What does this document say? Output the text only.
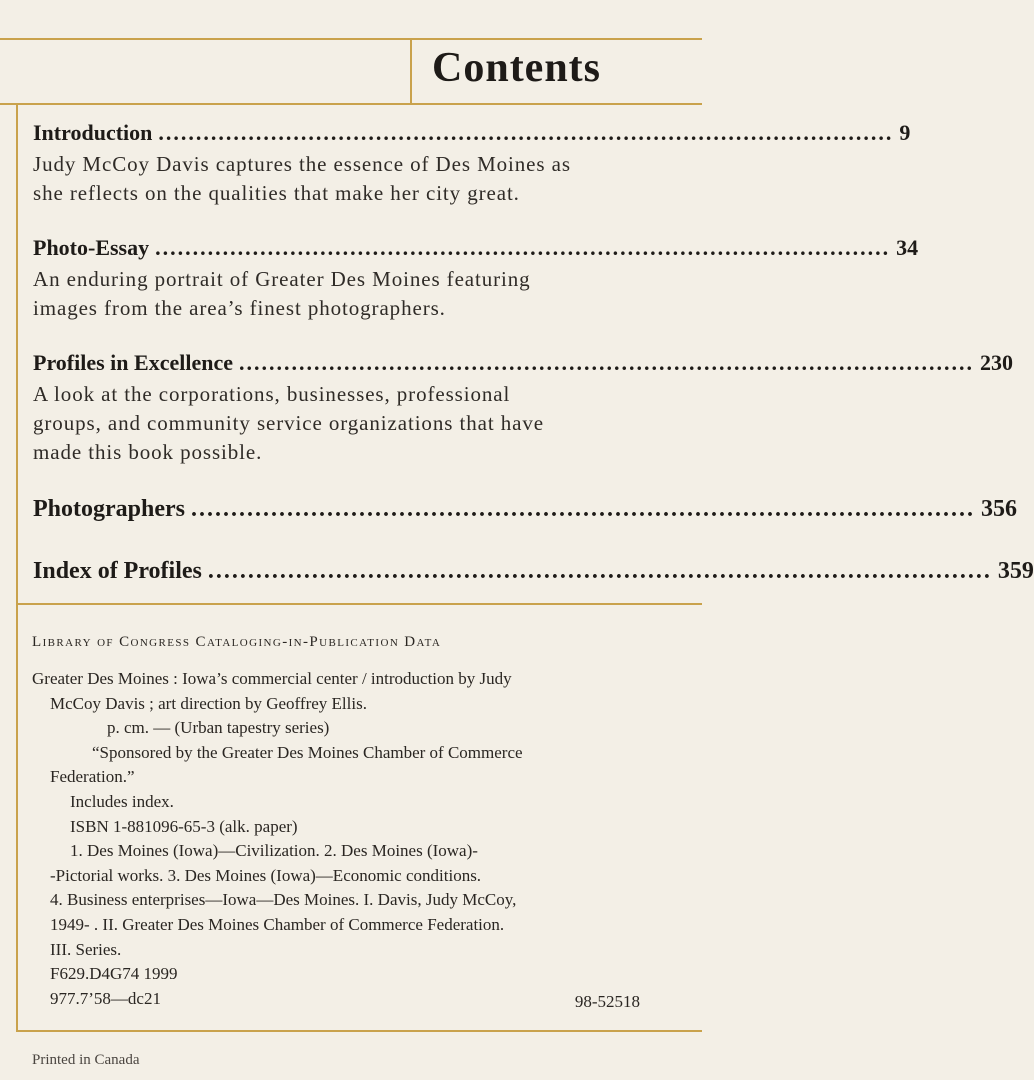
Contents
Introduction .................................................................................................. 9
Judy McCoy Davis captures the essence of Des Moines as
she reflects on the qualities that make her city great.
Photo-Essay .................................................................................................. 34
An enduring portrait of Greater Des Moines featuring
images from the area’s finest photographers.
Profiles in Excellence .................................................................................................. 230
A look at the corporations, businesses, professional
groups, and community service organizations that have
made this book possible.
Photographers .................................................................................................. 356
Index of Profiles .................................................................................................. 359
Library of Congress Cataloging-in-Publication Data
Greater Des Moines : Iowa’s commercial center / introduction by Judy
McCoy Davis ; art direction by Geoffrey Ellis.
p. cm. — (Urban tapestry series)
“Sponsored by the Greater Des Moines Chamber of Commerce
Federation.”
Includes index.
ISBN 1-881096-65-3 (alk. paper)
1. Des Moines (Iowa)—Civilization. 2. Des Moines (Iowa)-
-Pictorial works. 3. Des Moines (Iowa)—Economic conditions.
4. Business enterprises—Iowa—Des Moines. I. Davis, Judy McCoy,
1949- . II. Greater Des Moines Chamber of Commerce Federation.
III. Series.
F629.D4G74 1999
977.7’58—dc21	98-52518
Printed in Canada
